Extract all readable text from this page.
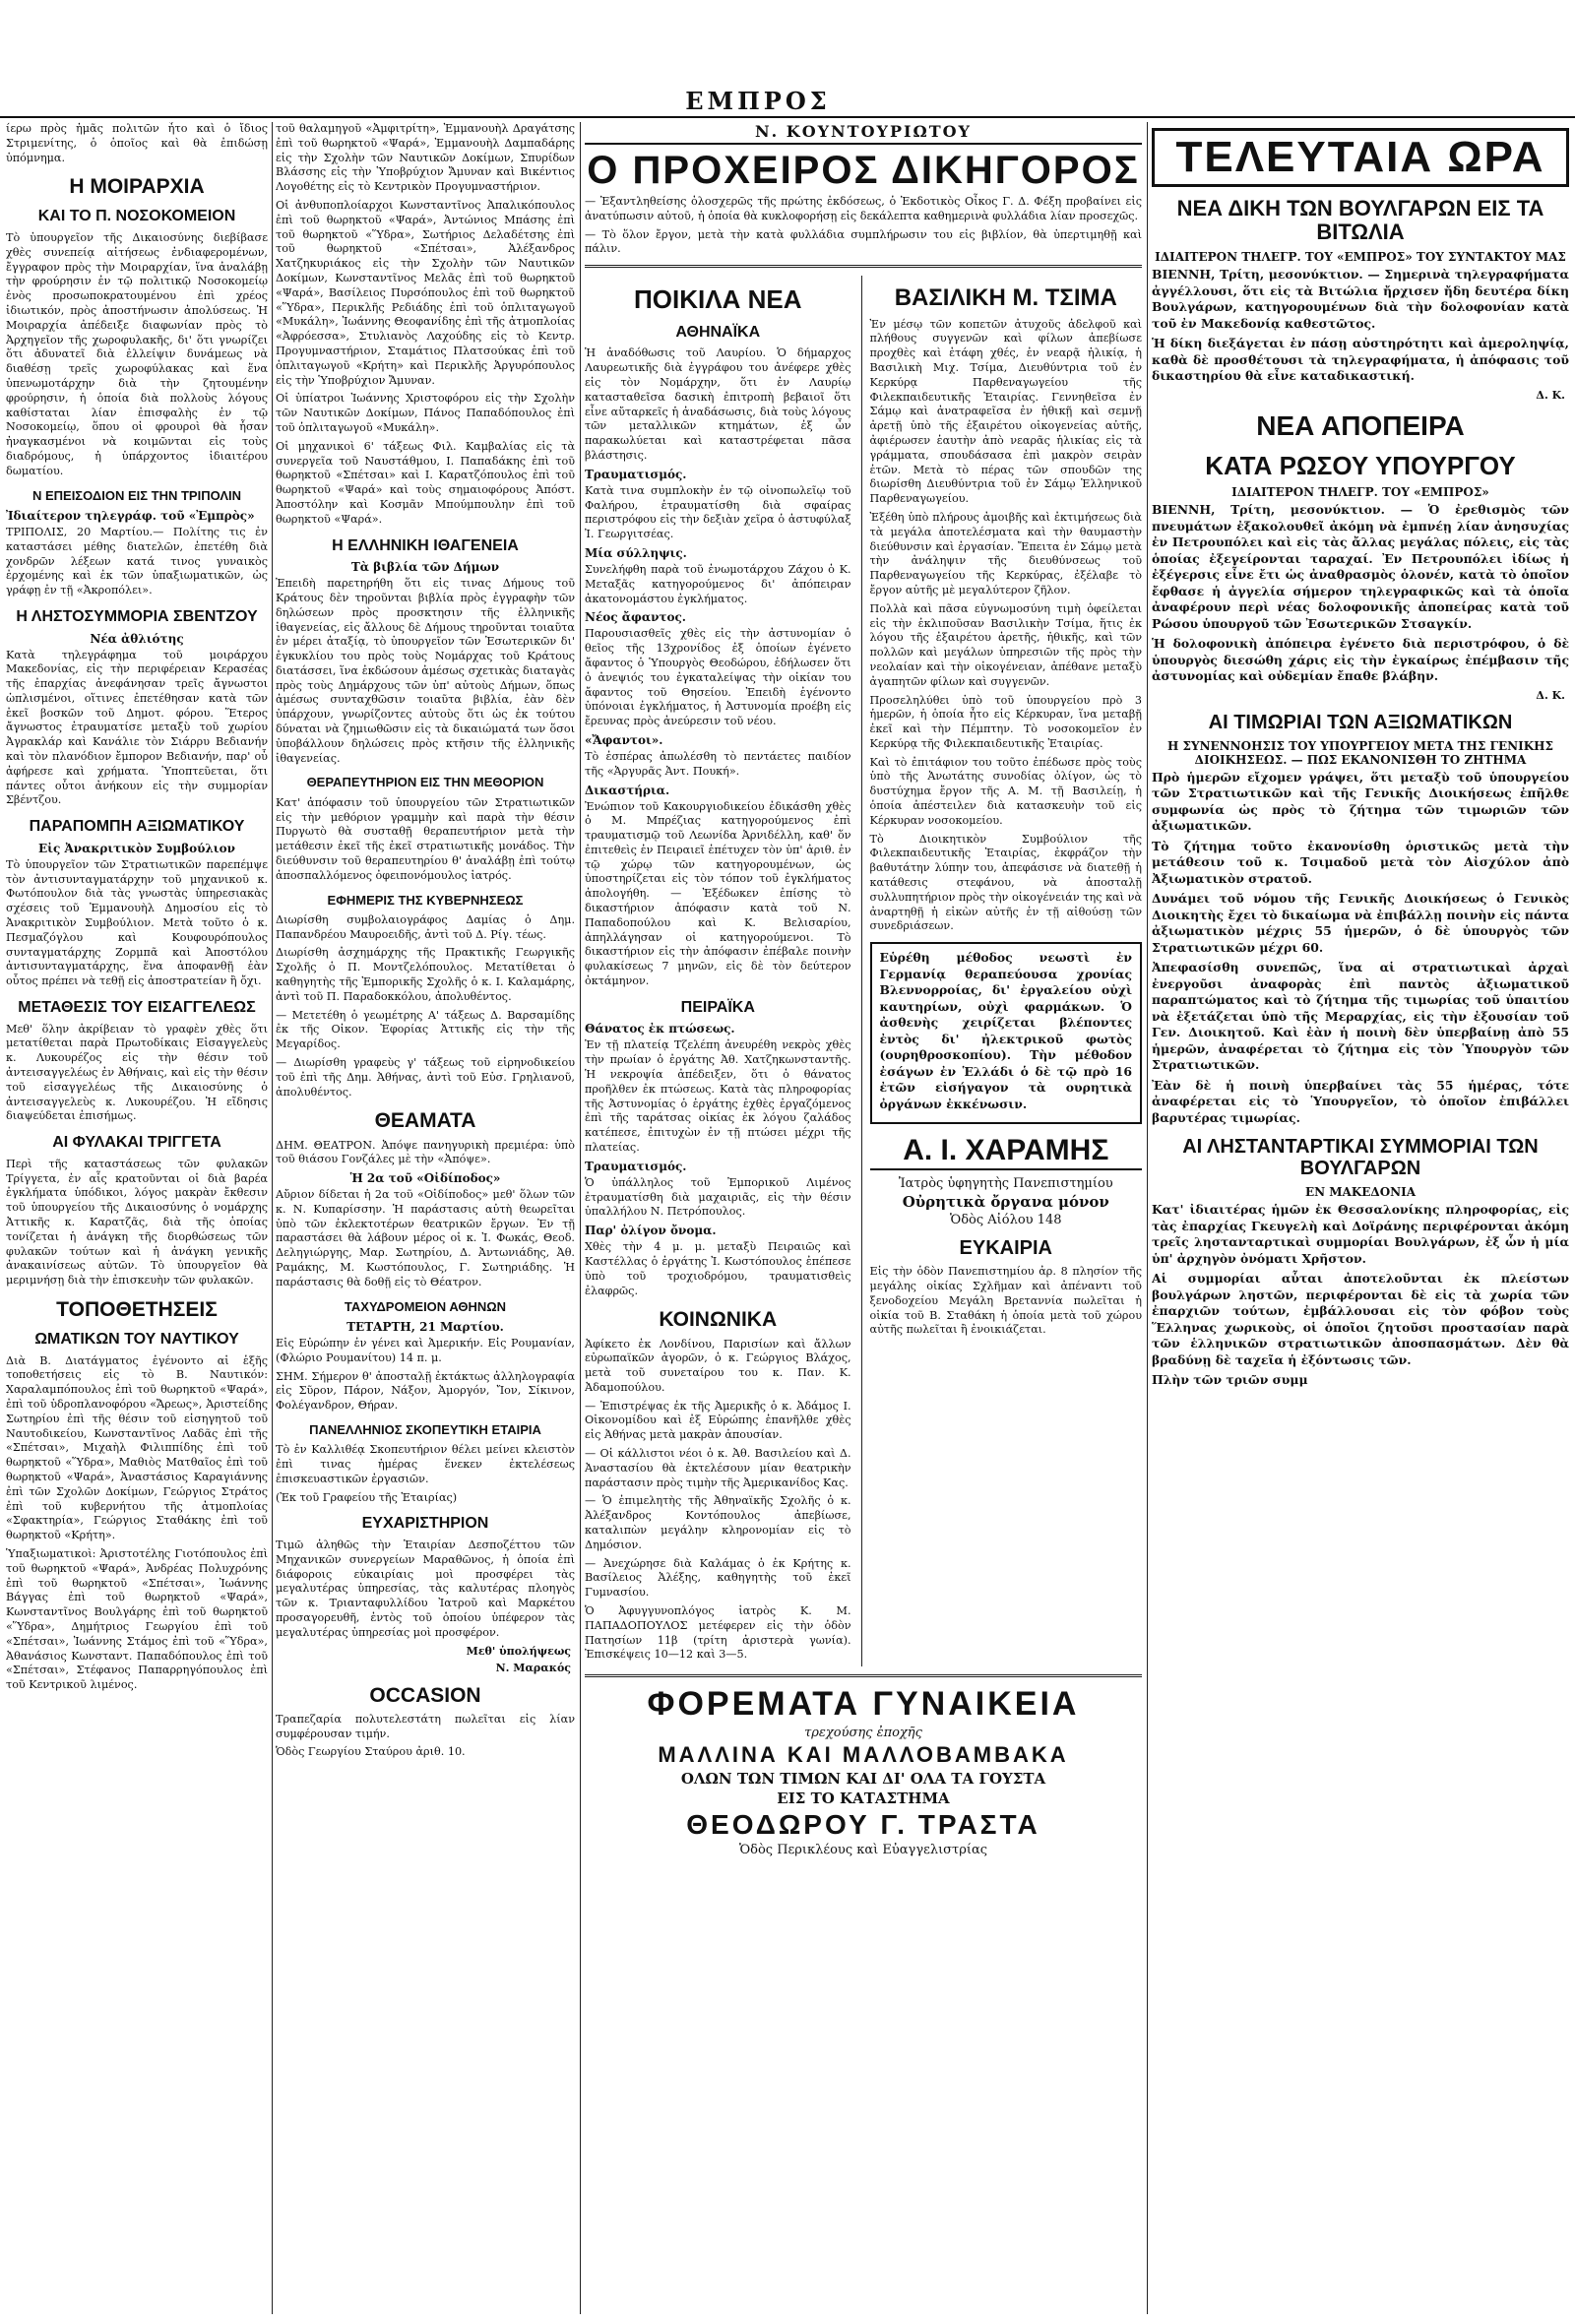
ΕΜΠΡΟΣ

ίερω πρὸς ἡμᾶς πολιτῶν ἦτο καὶ ὁ ἴδιος Στριμενίτης, ὁ ὁποῖος καὶ θὰ ἐπιδώσῃ ὑπόμνημα.

Η ΜΟΙΡΑΡΧΙΑ
ΚΑΙ ΤΟ Π. ΝΟΣΟΚΟΜΕΙΟΝ

Τὸ ὑπουργεῖον τῆς Δικαιοσύνης διεβίβασε χθὲς συνεπείᾳ αἰτήσεως ἐνδιαφερομένων, ἔγγραφον πρὸς τὴν Μοιραρχίαν, ἵνα ἀναλάβῃ τὴν φρούρησιν ἐν τῷ πολιτικῷ Νοσοκομείῳ ἑνὸς προσωποκρατουμένου ἐπὶ χρέος ἰδιωτικόν, πρὸς ἀποστήνωσιν ἀπολύσεως. Ἡ Μοιραρχία ἀπέδειξε διαφωνίαν πρὸς τὸ Ἀρχηγεῖον τῆς χωροφυλακῆς, δι' ὅτι γνωρίζει ὅτι ἀδυνατεῖ διὰ ἐλλείψιν δυνάμεως νὰ διαθέσῃ τρεῖς χωροφύλακας καὶ ἕνα ὑπενωμοτάρχην διὰ τὴν ζητουμένην φρούρησιν, ἡ ὁποία διὰ πολλοὺς λόγους καθίσταται λίαν ἐπισφαλὴς ἐν τῷ Νοσοκομείῳ, ὅπου οἱ φρουροὶ θὰ ἦσαν ἠναγκασμένοι νὰ κοιμῶνται εἰς τοὺς διαδρόμους, ἡ ὑπάρχοντος ἰδιαιτέρου δωματίου.

Ν ΕΠΕΙΣΟΔΙΟΝ ΕΙΣ ΤΗΝ ΤΡΙΠΟΛΙΝ
Ἰδιαίτερον τηλεγράφ. τοῦ «Ἐμπρὸς»

ΤΡΙΠΟΛΙΣ, 20 Μαρτίου.— Πολίτης τις ἐν καταστάσει μέθης διατελῶν, ἐπετέθη διὰ χονδρῶν λέξεων κατά τινος γυναικὸς ἐρχομένης καὶ ἐκ τῶν ὑπαξιωματικῶν, ὡς γράφῃ ἐν τῇ «Ἀκροπόλει».

Η ΛΗΣΤΟΣΥΜΜΟΡΙΑ ΣΒΕΝΤΖΟΥ
Νέα ἀθλιότης

Κατὰ τηλεγράφημα τοῦ μοιράρχου Μακεδονίας, εἰς τὴν περιφέρειαν Κερασέας τῆς ἐπαρχίας ἀνεφάνησαν τρεῖς ἄγνωστοι ὡπλισμένοι, οἵτινες ἐπετέθησαν κατὰ τῶν ἐκεῖ βοσκῶν τοῦ Δημοτ. φόρου. Ἕτερος ἄγνωστος ἐτραυματίσε μεταξὺ τοῦ χωρίου Ἀγρακλάρ καὶ Κανάλιε τὸν Σιάρρυ Βεδιανήν καὶ τὸν πλανόδιον ἔμπορον Βεδιανήν, παρ' οὗ ἀφήρεσε καὶ χρήματα. Ὑποπτεῦεται, ὅτι πάντες οὗτοι ἀνήκουν εἰς τὴν συμμορίαν Σβέντζου.

ΠΑΡΑΠΟΜΠΗ ΑΞΙΩΜΑΤΙΚΟΥ
Εἰς Ἀνακριτικὸν Συμβούλιον

Τὸ ὑπουργεῖον τῶν Στρατιωτικῶν παρεπέμψε τὸν ἀντισυνταγματάρχην τοῦ μηχανικοῦ κ. Φωτόπουλον διὰ τὰς γνωστὰς ὑπηρεσιακὰς σχέσεις τοῦ Ἐμμανουὴλ Δημοσίου εἰς τὸ Ἀνακριτικὸν Συμβούλιον. Μετὰ τοῦτο ὁ κ. Πεσμαζόγλου καὶ Κουφουρόπουλος συνταγματάρχης Ζορμπᾶ καὶ Ἀποστόλου ἀντισυνταγματάρχης, ἕνα ἀποφανθῇ ἐὰν οὗτος πρέπει νὰ τεθῇ εἰς ἀποστρατείαν ἢ ὄχι.

ΜΕΤΑΘΕΣΙΣ ΤΟΥ ΕΙΣΑΓΓΕΛΕΩΣ

Μεθ' ὅλην ἀκρίβειαν τὸ γραφὲν χθὲς ὅτι μετατίθεται παρὰ Πρωτοδίκαις Εἰσαγγελεὺς κ. Λυκουρέζος εἰς τὴν θέσιν τοῦ ἀντεισαγγελέως ἐν Ἀθήναις, καὶ εἰς τὴν θέσιν τοῦ εἰσαγγελέως τῆς Δικαιοσύνης ὁ ἀντεισαγγελεὺς κ. Λυκουρέζου. Ἡ εἴδησις διαψεύδεται ἐπισήμως.

ΑΙ ΦΥΛΑΚΑΙ ΤΡΙΓΓΕΤΑ

Περὶ τῆς καταστάσεως τῶν φυλακῶν Τρίγγετα, ἐν αἷς κρατοῦνται οἱ διὰ βαρέα ἐγκλήματα ὑπόδικοι, λόγος μακρὰν ἔκθεσιν τοῦ ὑπουργείου τῆς Δικαιοσύνης ὁ νομάρχης Ἀττικῆς κ. Καρατζᾶς, διὰ τῆς ὁποίας τονίζεται ἡ ἀνάγκη τῆς διορθώσεως τῶν φυλακῶν τούτων καὶ ἡ ἀνάγκη γενικῆς ἀνακαινίσεως αὐτῶν. Τὸ ὑπουργεῖον θὰ μεριμνήσῃ διὰ τὴν ἐπισκευὴν τῶν φυλακῶν.

ΤΟΠΟΘΕΤΗΣΕΙΣ
ΩΜΑΤΙΚΩΝ ΤΟΥ ΝΑΥΤΙΚΟΥ

Διὰ Β. Διατάγματος ἐγένοντο αἱ ἑξῆς τοποθετήσεις εἰς τὸ Β. Ναυτικόν: Χαραλαμπόπουλος ἐπὶ τοῦ θωρηκτοῦ «Ψαρά», ἐπὶ τοῦ ὑδροπλανοφόρου «Ἄρεως», Ἀριστείδης Σωτηρίου ἐπὶ τῆς θέσιν τοῦ εἰσηγητοῦ τοῦ Ναυτοδικείου, Κωνσταντῖνος Λαδᾶς ἐπὶ τῆς «Σπέτσαι», Μιχαὴλ Φιλιππίδης ἐπὶ τοῦ θωρηκτοῦ «Ὕδρα», Μαθιὸς Ματθαῖος ἐπὶ τοῦ θωρηκτοῦ «Ψαρά», Ἀναστάσιος Καραγιάννης ἐπὶ τῶν Σχολῶν Δοκίμων, Γεώργιος Στράτος ἐπὶ τοῦ κυβερνήτου τῆς ἀτμοπλοίας «Σφακτηρία», Γεώργιος Σταθάκης ἐπὶ τοῦ θωρηκτοῦ «Κρήτη».

Ὑπαξιωματικοὶ: Ἀριστοτέλης Γιοτόπουλος ἐπὶ τοῦ θωρηκτοῦ «Ψαρά», Ἀνδρέας Πολυχρόνης ἐπὶ τοῦ θωρηκτοῦ «Σπέτσαι», Ἰωάννης Βάγγας ἐπὶ τοῦ θωρηκτοῦ «Ψαρά», Κωνσταντῖνος Βουλγάρης ἐπὶ τοῦ θωρηκτοῦ «Ὕδρα», Δημήτριος Γεωργίου ἐπὶ τοῦ «Σπέτσαι», Ἰωάννης Στάμος ἐπὶ τοῦ «Ὕδρα», Ἀθανάσιος Κωνσταντ. Παπαδόπουλος ἐπὶ τοῦ «Σπέτσαι», Στέφανος Παπαρρηγόπουλος ἐπὶ τοῦ Κεντρικοῦ λιμένος.

τοῦ θαλαμηγοῦ «Ἀμφιτρίτη», Ἐμμανουὴλ Δραγάτσης ἐπὶ τοῦ θωρηκτοῦ «Ψαρά», Ἐμμανουὴλ Δαμπαδάρης εἰς τὴν Σχολὴν τῶν Ναυτικῶν Δοκίμων, Σπυρίδων Βλάσσης εἰς τὴν Ὑποβρύχιον Ἄμυναν καὶ Βικέντιος Λογοθέτης εἰς τὸ Κεντρικὸν Προγυμναστήριον.

Οἱ ἀνθυποπλοίαρχοι Κωνσταντῖνος Ἀπαλικόπουλος ἐπὶ τοῦ θωρηκτοῦ «Ψαρά», Ἀντώνιος Μπάσης ἐπὶ τοῦ θωρηκτοῦ «Ὕδρα», Σωτήριος Δελαδέτσης ἐπὶ τοῦ θωρηκτοῦ «Σπέτσαι», Ἀλέξανδρος Χατζηκυριάκος εἰς τὴν Σχολὴν τῶν Ναυτικῶν Δοκίμων, Κωνσταντῖνος Μελᾶς ἐπὶ τοῦ θωρηκτοῦ «Ψαρά», Βασίλειος Πυρσόπουλος ἐπὶ τοῦ θωρηκτοῦ «Ὕδρα», Περικλῆς Ρεδιάδης ἐπὶ τοῦ ὁπλιταγωγοῦ «Μυκάλη», Ἰωάννης Θεοφανίδης ἐπὶ τῆς ἀτμοπλοίας «Ἀφρόεσσα», Στυλιανὸς Λαχούδης εἰς τὸ Κεντρ. Προγυμναστήριον, Σταμάτιος Πλατσούκας ἐπὶ τοῦ ὁπλιταγωγοῦ «Κρήτη» καὶ Περικλῆς Ἀργυρόπουλος εἰς τὴν Ὑποβρύχιον Ἄμυναν.

Οἱ ὑπίατροι Ἰωάννης Χριστοφόρου εἰς τὴν Σχολὴν τῶν Ναυτικῶν Δοκίμων, Πάνος Παπαδόπουλος ἐπὶ τοῦ ὁπλιταγωγοῦ «Μυκάλη».

Οἱ μηχανικοὶ 6' τάξεως Φιλ. Καμβαλίας εἰς τὰ συνεργεῖα τοῦ Ναυστάθμου, Ι. Παπαδάκης ἐπὶ τοῦ θωρηκτοῦ «Σπέτσαι» καὶ Ι. Καρατζόπουλος ἐπὶ τοῦ θωρηκτοῦ «Ψαρά» καὶ τοὺς σημαιοφόρους Ἀπόστ. Ἀποστόλην καὶ Κοσμᾶν Μπούμπουλην ἐπὶ τοῦ θωρηκτοῦ «Ψαρά».

Η ΕΛΛΗΝΙΚΗ ΙΘΑΓΕΝΕΙΑ
Τὰ βιβλία τῶν Δήμων

Ἐπειδὴ παρετηρήθη ὅτι εἰς τινας Δήμους τοῦ Κράτους δὲν τηροῦνται βιβλία πρὸς ἐγγραφὴν τῶν δηλώσεων πρὸς προσκτησιν τῆς ἑλληνικῆς ἰθαγενείας, εἰς ἄλλους δὲ Δήμους τηροῦνται τοιαῦτα ἐν μέρει ἀταξίᾳ, τὸ ὑπουργεῖον τῶν Ἐσωτερικῶν δι' ἐγκυκλίου του πρὸς τοὺς Νομάρχας τοῦ Κράτους διατάσσει, ἵνα ἐκδώσουν ἀμέσως σχετικὰς διαταγὰς πρὸς τοὺς Δημάρχους τῶν ὑπ' αὐτοὺς Δήμων, ὅπως ἀμέσως συνταχθῶσιν τοιαῦτα βιβλία, ἐὰν δὲν ὑπάρχουν, γνωρίζοντες αὐτοὺς ὅτι ὡς ἐκ τούτου δύναται νὰ ζημιωθῶσιν εἰς τὰ δικαιώματά των ὅσοι ὑποβάλλουν δηλώσεις πρὸς κτῆσιν τῆς ἑλληνικῆς ἰθαγενείας.

ΘΕΡΑΠΕΥΤΗΡΙΟΝ ΕΙΣ ΤΗΝ ΜΕΘΟΡΙΟΝ

Κατ' ἀπόφασιν τοῦ ὑπουργείου τῶν Στρατιωτικῶν εἰς τὴν μεθόριον γραμμὴν καὶ παρὰ τὴν θέσιν Πυργωτὸ θὰ συσταθῇ θεραπευτήριον μετὰ τὴν μετάθεσιν ἐκεῖ τῆς ἐκεῖ στρατιωτικῆς μονάδος. Τὴν διεύθυνσιν τοῦ θεραπευτηρίου θ' ἀναλάβῃ ἐπὶ τούτῳ ἀποσπαλλόμενος ὀφειπονόμουλος ἰατρός.

ΕΦΗΜΕΡΙΣ ΤΗΣ ΚΥΒΕΡΝΗΣΕΩΣ

Διωρίσθη συμβολαιογράφος Δαμίας ὁ Δημ. Παπανδρέου Μαυροειδῆς, ἀντὶ τοῦ Δ. Ρίγ. τέως.

Διωρίσθη ἀσχημάρχης τῆς Πρακτικῆς Γεωργικῆς Σχολῆς ὁ Π. Μοντζελόπουλος. Μετατίθεται ὁ καθηγητὴς τῆς Ἐμπορικῆς Σχολῆς ὁ κ. Ι. Καλαμάρης, ἀντὶ τοῦ Π. Παραδοκκόλου, ἀπολυθέντος.

— Μετετέθη ὁ γεωμέτρης Α' τάξεως Δ. Βαρσαμίδης ἐκ τῆς Οἰκον. Ἐφορίας Ἀττικῆς εἰς τὴν τῆς Μεγαρίδος.

— Διωρίσθη γραφεὺς γ' τάξεως τοῦ εἰρηνοδικείου τοῦ ἐπὶ τῆς Δημ. Ἀθήνας, ἀντὶ τοῦ Εὐσ. Γρηλιανοῦ, ἀπολυθέντος.

ΘΕΑΜΑΤΑ

ΔΗΜ. ΘΕΑΤΡΟΝ. Ἀπόψε πανηγυρικὴ πρεμιέρα: ὑπὸ τοῦ θιάσου Γονζάλες μὲ τὴν «Ἀπόψε».

Ἡ 2α τοῦ «Οἰδίποδος»

Αὔριον δίδεται ἡ 2α τοῦ «Οἰδίποδος» μεθ' ὅλων τῶν κ. Ν. Κυπαρίσσην. Ἡ παράστασις αὐτὴ θεωρεῖται ὑπὸ τῶν ἐκλεκτοτέρων θεατρικῶν ἔργων. Ἐν τῇ παραστάσει θὰ λάβουν μέρος οἱ κ. Ἰ. Φωκάς, Θεοδ. Δεληγιώργης, Μαρ. Σωτηρίου, Δ. Ἀντωνιάδης, Ἀθ. Ραμάκης, Μ. Κωστόπουλος, Γ. Σωτηριάδης. Ἡ παράστασις θὰ δοθῇ εἰς τὸ Θέατρον.

ΤΑΧΥΔΡΟΜΕΙΟΝ ΑΘΗΝΩΝ
ΤΕΤΑΡΤΗ, 21 Μαρτίου.

Εἰς Εὐρώπην ἐν γένει καὶ Ἀμερικήν. Εἰς Ρουμανίαν, (Φλώριο Ρουμανίτου) 14 π. μ.

ΣΗΜ. Σήμερον θ' ἀποσταλῇ ἐκτάκτως ἀλληλογραφία εἰς Σῦρον, Πάρον, Νάξον, Ἀμοργόν, Ἴον, Σίκινον, Φολέγανδρον, Θήραν.

ΠΑΝΕΛΛΗΝΙΟΣ ΣΚΟΠΕΥΤΙΚΗ ΕΤΑΙΡΙΑ

Τὸ ἐν Καλλιθέᾳ Σκοπευτήριον θέλει μείνει κλειστὸν ἐπὶ τινας ἡμέρας ἕνεκεν ἐκτελέσεως ἐπισκευαστικῶν ἐργασιῶν.

(Ἐκ τοῦ Γραφείου τῆς Ἑταιρίας)

ΕΥΧΑΡΙΣΤΗΡΙΟΝ

Τιμῶ ἀληθῶς τὴν Ἑταιρίαν Δεσποζέττου τῶν Μηχανικῶν συνεργείων Μαραθῶνος, ἡ ὁποία ἐπὶ διάφοροις εὐκαιρίαις μοὶ προσφέρει τὰς μεγαλυτέρας ὑπηρεσίας, τὰς καλυτέρας πλοηγὸς τῶν κ. Τριανταφυλλίδου Ἰατροῦ καὶ Μαρκέτου προσαγορευθῆ, ἐντὸς τοῦ ὁποίου ὑπέφερον τὰς μεγαλυτέρας ὑπηρεσίας μοὶ προσφέρον.

Μεθ' ὑπολήψεως
Ν. Μαρακός
OCCASION

Τραπεζαρία πολυτελεστάτη πωλεῖται εἰς λίαν συμφέρουσαν τιμήν.

Ὁδὸς Γεωργίου Σταύρου ἀριθ. 10.

Ν. ΚΟΥΝΤΟΥΡΙΩΤΟΥ
Ο ΠΡΟΧΕΙΡΟΣ ΔΙΚΗΓΟΡΟΣ

— Ἐξαντληθείσης ὁλοσχερῶς τῆς πρώτης ἐκδόσεως, ὁ Ἐκδοτικὸς Οἶκος Γ. Δ. Φέξη προβαίνει εἰς ἀνατύπωσιν αὐτοῦ, ἡ ὁποία θὰ κυκλοφορήσῃ εἰς δεκάλεπτα καθημερινὰ φυλλάδια λίαν προσεχῶς.

— Τὸ ὅλον ἔργον, μετὰ τὴν κατὰ φυλλάδια συμπλήρωσιν του εἰς βιβλίον, θὰ ὑπερτιμηθῇ καὶ πάλιν.

ΠΟΙΚΙΛΑ ΝΕΑ
ΑΘΗΝΑΪΚΑ

Ἡ ἀναδόθωσις τοῦ Λαυρίου. Ὁ δήμαρχος Λαυρεωτικῆς διὰ ἐγγράφου του ἀνέφερε χθὲς εἰς τὸν Νομάρχην, ὅτι ἐν Λαυρίῳ κατασταθεῖσα δασικὴ ἐπιτροπὴ βεβαιοῖ ὅτι εἶνε αὔταρκεῖς ἡ ἀναδάσωσις, διὰ τοὺς λόγους τῶν μεταλλικῶν κτημάτων, ἐξ ὧν παρακωλύεται καὶ καταστρέφεται πᾶσα βλάστησις.

Τραυματισμός.

Κατὰ τινα συμπλοκὴν ἐν τῷ οἰνοπωλεῖῳ τοῦ Φαλήρου, ἐτραυματίσθη διὰ σφαίρας περιστρόφου εἰς τὴν δεξιὰν χεῖρα ὁ ἀστυφύλαξ Ἰ. Γεωργιτσέας.

Μία σύλληψις.

Συνελήφθη παρὰ τοῦ ἐνωμοτάρχου Ζάχου ὁ Κ. Μεταξᾶς κατηγορούμενος δι' ἀπόπειραν ἀκατονομάστου ἐγκλήματος.

Νέος ἄφαντος.

Παρουσιασθεῖς χθὲς εἰς τὴν ἀστυνομίαν ὁ θεῖος τῆς 13χρονίδος ἐξ ὁποίων ἐγένετο ἄφαντος ὁ Ὑπουργὸς Θεοδώρου, ἐδήλωσεν ὅτι ὁ ἀνεψιός του ἐγκαταλείψας τὴν οἰκίαν του ἄφαντος τοῦ Θησείου. Ἐπειδὴ ἐγένοντο ὑπόνοιαι ἐγκλήματος, ἡ Ἀστυνομία προέβη εἰς ἔρευνας πρὸς ἀνεύρεσιν τοῦ νέου.

«Ἄφαντοι».

Τὸ ἐσπέρας ἀπωλέσθη τὸ πεντάετες παιδίον τῆς «Ἀργυρᾶς Ἀντ. Πουκή».

Δικαστήρια.

Ἐνώπιον τοῦ Κακουργιοδικείου ἐδικάσθη χθὲς ὁ Μ. Μπρέζιας κατηγορούμενος ἐπὶ τραυματισμῷ τοῦ Λεωνίδα Ἀρνιδέλλη, καθ' ὅν ἐπιτεθεὶς ἐν Πειραιεῖ ἐπέτυχεν τὸν ὑπ' ἀριθ. ἐν τῷ χώρῳ τῶν κατηγορουμένων, ὡς ὑποστηρίζεται εἰς τὸν τόπον τοῦ ἐγκλήματος ἀπολογήθη. — Ἐξέδωκεν ἐπίσης τὸ δικαστήριον ἀπόφασιν κατὰ τοῦ Ν. Παπαδοπούλου καὶ Κ. Βελισαρίου, ἀπηλλάγησαν οἱ κατηγορούμενοι. Τὸ δικαστήριον εἰς τὴν ἀπόφασιν ἐπέβαλε ποινὴν φυλακίσεως 7 μηνῶν, εἰς δὲ τὸν δεύτερον ὀκτάμηνον.

ΠΕΙΡΑΪΚΑ
Θάνατος ἐκ πτώσεως.

Ἐν τῇ πλατείᾳ Τζελέπη ἀνευρέθη νεκρὸς χθὲς τὴν πρωίαν ὁ ἐργάτης Ἀθ. Χατζηκωνσταντῆς. Ἡ νεκροψία ἀπέδειξεν, ὅτι ὁ θάνατος προῆλθεν ἐκ πτώσεως. Κατὰ τὰς πληροφορίας τῆς Ἀστυνομίας ὁ ἐργάτης ἐχθὲς ἐργαζόμενος ἐπὶ τῆς ταράτσας οἰκίας ἐκ λόγου ζαλάδος κατέπεσε, ἐπιτυχὼν ἐν τῇ πτώσει μέχρι τῆς πλατείας.

Τραυματισμός.

Ὁ ὑπάλληλος τοῦ Ἐμπορικοῦ Λιμένος ἐτραυματίσθη διὰ μαχαιριᾶς, εἰς τὴν θέσιν ὑπαλλήλου Ν. Πετρόπουλος.

Παρ' ὀλίγον ὄνομα.

Χθὲς τὴν 4 μ. μ. μεταξὺ Πειραιῶς καὶ Καστέλλας ὁ ἐργάτης Ἰ. Κωστόπουλος ἐπέπεσε ὑπὸ τοῦ τροχιοδρόμου, τραυματισθεὶς ἐλαφρῶς.

ΚΟΙΝΩΝΙΚΑ

Ἀφίκετο ἐκ Λονδίνου, Παρισίων καὶ ἄλλων εὐρωπαϊκῶν ἀγορῶν, ὁ κ. Γεώργιος Βλάχος, μετὰ τοῦ συνεταίρου του κ. Παν. Κ. Ἀδαμοπούλου.

— Ἐπιστρέψας ἐκ τῆς Ἀμερικῆς ὁ κ. Ἀδάμος Ι. Οἰκονομίδου καὶ ἐξ Εὐρώπης ἐπανῆλθε χθὲς εἰς Ἀθήνας μετὰ μακρὰν ἀπουσίαν.

— Οἱ κάλλιστοι νέοι ὁ κ. Ἀθ. Βασιλείου καὶ Δ. Ἀναστασίου θὰ ἐκτελέσουν μίαν θεατρικὴν παράστασιν πρὸς τιμὴν τῆς Ἀμερικανίδος Κας.

— Ὁ ἐπιμελητὴς τῆς Ἀθηναϊκῆς Σχολῆς ὁ κ. Ἀλέξανδρος Κοντόπουλος ἀπεβίωσε, καταλιπὼν μεγάλην κληρονομίαν εἰς τὸ Δημόσιον.

— Ἀνεχώρησε διὰ Καλάμας ὁ ἐκ Κρήτης κ. Βασίλειος Ἀλέξης, καθηγητὴς τοῦ ἐκεῖ Γυμνασίου.

Ὁ Ἀφυγγυνοπλόγος ἰατρὸς Κ. Μ. ΠΑΠΑΔΟΠΟΥΛΟΣ μετέφερεν εἰς τὴν ὁδὸν Πατησίων 11β (τρίτη ἀριστερὰ γωνία). Ἐπισκέψεις 10—12 καὶ 3—5.

ΒΑΣΙΛΙΚΗ Μ. ΤΣΙΜΑ

Ἐν μέσῳ τῶν κοπετῶν ἀτυχοῦς ἀδελφοῦ καὶ πλήθους συγγενῶν καὶ φίλων ἀπεβίωσε προχθὲς καὶ ἐτάφη χθές, ἐν νεαρᾷ ἡλικίᾳ, ἡ Βασιλικὴ Μιχ. Τσίμα, Διευθύντρια τοῦ ἐν Κερκύρᾳ Παρθεναγωγείου τῆς Φιλεκπαιδευτικῆς Ἑταιρίας. Γεννηθεῖσα ἐν Σάμῳ καὶ ἀνατραφεῖσα ἐν ἠθικῇ καὶ σεμνῇ ἀρετῇ ὑπὸ τῆς ἐξαιρέτου οἰκογενείας αὐτῆς, ἀφιέρωσεν ἑαυτὴν ἀπὸ νεαρᾶς ἡλικίας εἰς τὰ γράμματα, σπουδάσασα ἐπὶ μακρὸν σειρὰν ἐτῶν. Μετὰ τὸ πέρας τῶν σπουδῶν της διωρίσθη Διευθύντρια τοῦ ἐν Σάμῳ Ἑλληνικοῦ Παρθεναγωγείου.

Ἐξέθη ὑπὸ πλήρους ἀμοιβῆς καὶ ἐκτιμήσεως διὰ τὰ μεγάλα ἀποτελέσματα καὶ τὴν θαυμαστὴν διεύθυνσιν καὶ ἐργασίαν. Ἔπειτα ἐν Σάμῳ μετὰ τὴν ἀνάληψιν τῆς διευθύνσεως τοῦ Παρθεναγωγείου τῆς Κερκύρας, ἐξέλαβε τὸ ἔργον αὐτῆς μὲ μεγαλύτερον ζῆλον.

Πολλὰ καὶ πᾶσα εὐγνωμοσύνη τιμὴ ὀφείλεται εἰς τὴν ἐκλιποῦσαν Βασιλικὴν Τσίμα, ἥτις ἐκ λόγου τῆς ἐξαιρέτου ἀρετῆς, ἠθικῆς, καὶ τῶν πολλῶν καὶ μεγάλων ὑπηρεσιῶν τῆς πρὸς τὴν νεολαίαν καὶ τὴν οἰκογένειαν, ἀπέθανε μεταξὺ ἀγαπητῶν φίλων καὶ συγγενῶν.

Προσεληλύθει ὑπὸ τοῦ ὑπουργείου πρὸ 3 ἡμερῶν, ἡ ὁποία ἦτο εἰς Κέρκυραν, ἵνα μεταβῇ ἐκεῖ καὶ τὴν Πέμπτην. Τὸ νοσοκομεῖον ἐν Κερκύρᾳ τῆς Φιλεκπαιδευτικῆς Ἑταιρίας.

Καὶ τὸ ἐπιτάφιον του τοῦτο ἐπέδωσε πρὸς τοὺς ὑπὸ τῆς Ἀνωτάτης συνοδίας ὀλίγον, ὡς τὸ δυστύχημα ἔργον τῆς Α. Μ. τῇ Βασιλείῃ, ἡ ὁποία ἀπέστειλεν διὰ κατασκευὴν τοῦ εἰς Κέρκυραν νοσοκομείου.

Τὸ Διοικητικὸν Συμβούλιον τῆς Φιλεκπαιδευτικῆς Ἑταιρίας, ἐκφράζον τὴν βαθυτάτην λύπην του, ἀπεφάσισε νὰ διατεθῇ ἡ κατάθεσις στεφάνου, νὰ ἀποσταλῇ συλλυπητήριον πρὸς τὴν οἰκογένειάν της καὶ νὰ ἀναρτηθῇ ἡ εἰκὼν αὐτῆς ἐν τῇ αἰθούσῃ τῶν συνεδριάσεων.

Εὑρέθη μέθοδος νεωστὶ ἐν Γερμανίᾳ θεραπεύουσα χρονίας Βλεννορροίας, δι' ἐργαλείου οὐχὶ καυτηρίων, οὐχὶ φαρμάκων. Ὁ ἀσθενὴς χειρίζεται βλέποντες ἐντὸς δι' ἠλεκτρικοῦ φωτὸς (ουρηθροσκοπίου). Τὴν μέθοδον ἐσάγων ἐν Ἑλλάδι ὁ δὲ τῷ πρὸ 16 ἐτῶν εἰσήγαγον τὰ ουρητικὰ ὀργάνων ἐκκένωσιν.

Α. Ι. ΧΑΡΑΜΗΣ
Ἰατρὸς ὑφηγητὴς Πανεπιστημίου
Οὐρητικὰ ὄργανα μόνον
Ὁδὸς Αἰόλου 148
ΕΥΚΑΙΡΙΑ

Εἰς τὴν ὁδὸν Πανεπιστημίου ἀρ. 8 πλησίον τῆς μεγάλης οἰκίας Σχλῆμαν καὶ ἀπέναντι τοῦ ξενοδοχείου Μεγάλη Βρεταννία πωλεῖται ἡ οἰκία τοῦ Β. Σταθάκη ἡ ὁποία μετὰ τοῦ χώρου αὐτῆς πωλεῖται ἢ ἐνοικιάζεται.

ΦΟΡΕΜΑΤΑ ΓΥΝΑΙΚΕΙΑ
τρεχούσης ἐποχῆς
ΜΑΛΛΙΝΑ ΚΑΙ ΜΑΛΛΟΒΑΜΒΑΚΑ
ΟΛΩΝ ΤΩΝ ΤΙΜΩΝ ΚΑΙ ΔΙ' ΟΛΑ ΤΑ ΓΟΥΣΤΑ
ΕΙΣ ΤΟ ΚΑΤΑΣΤΗΜΑ
ΘΕΟΔΩΡΟΥ Γ. ΤΡΑΣΤΑ
Ὁδὸς Περικλέους καὶ Εὐαγγελιστρίας
ΤΕΛΕΥΤΑΙΑ ΩΡΑ
ΝΕΑ ΔΙΚΗ ΤΩΝ ΒΟΥΛΓΑΡΩΝ ΕΙΣ ΤΑ ΒΙΤΩΛΙΑ
ΙΔΙΑΙΤΕΡΟΝ ΤΗΛΕΓΡ. ΤΟΥ «ΕΜΠΡΟΣ» ΤΟΥ ΣΥΝΤΑΚΤΟΥ ΜΑΣ

ΒΙΕΝΝΗ, Τρίτη, μεσονύκτιον. — Σημερινὰ τηλεγραφήματα ἀγγέλλουσι, ὅτι εἰς τὰ Βιτώλια ἤρχισεν ἤδη δευτέρα δίκη Βουλγάρων, κατηγορουμένων διὰ τὴν δολοφονίαν κατὰ τοῦ ἐν Μακεδονίᾳ καθεστῶτος.

Ἡ δίκη διεξάγεται ἐν πάσῃ αὐστηρότητι καὶ ἀμεροληψίᾳ, καθὰ δὲ προσθέτουσι τὰ τηλεγραφήματα, ἡ ἀπόφασις τοῦ δικαστηρίου θὰ εἶνε καταδικαστική.

Δ. Κ.
ΝΕΑ ΑΠΟΠΕΙΡΑ
ΚΑΤΑ ΡΩΣΟΥ ΥΠΟΥΡΓΟΥ
ΙΔΙΑΙΤΕΡΟΝ ΤΗΛΕΓΡ. ΤΟΥ «ΕΜΠΡΟΣ»

ΒΙΕΝΝΗ, Τρίτη, μεσονύκτιον. — Ὁ ἐρεθισμὸς τῶν πνευμάτων ἐξακολουθεῖ ἀκόμη νὰ ἐμπνέῃ λίαν ἀνησυχίας ἐν Πετρουπόλει καὶ εἰς τὰς ἄλλας μεγάλας πόλεις, εἰς τὰς ὁποίας ἐξεγείρονται ταραχαί. Ἐν Πετρουπόλει ἰδίως ἡ ἐξέγερσις εἶνε ἔτι ὡς ἀναθρασμὸς ὁλονέν, κατὰ τὸ ὁποῖον ἔφθασε ἡ ἀγγελία σήμερον τηλεγραφικῶς καὶ τὰ ὁποῖα ἀναφέρουν περὶ νέας δολοφονικῆς ἀποπείρας κατὰ τοῦ Ρώσου ὑπουργοῦ τῶν Ἐσωτερικῶν Στσαγκίν.

Ἡ δολοφονικὴ ἀπόπειρα ἐγένετο διὰ περιστρόφου, ὁ δὲ ὑπουργὸς διεσώθη χάρις εἰς τὴν ἐγκαίρως ἐπέμβασιν τῆς ἀστυνομίας καὶ οὐδεμίαν ἔπαθε βλάβην.

Δ. Κ.
ΑΙ ΤΙΜΩΡΙΑΙ ΤΩΝ ΑΞΙΩΜΑΤΙΚΩΝ
Η ΣΥΝΕΝΝΟΗΣΙΣ ΤΟΥ ΥΠΟΥΡΓΕΙΟΥ ΜΕΤΑ ΤΗΣ ΓΕΝΙΚΗΣ ΔΙΟΙΚΗΣΕΩΣ. — ΠΩΣ ΕΚΑΝΟΝΙΣΘΗ ΤΟ ΖΗΤΗΜΑ

Πρὸ ἡμερῶν εἴχομεν γράψει, ὅτι μεταξὺ τοῦ ὑπουργείου τῶν Στρατιωτικῶν καὶ τῆς Γενικῆς Διοικήσεως ἐπῆλθε συμφωνία ὡς πρὸς τὸ ζήτημα τῶν τιμωριῶν τῶν ἀξιωματικῶν.

Τὸ ζήτημα τοῦτο ἐκανονίσθη ὁριστικῶς μετὰ τὴν μετάθεσιν τοῦ κ. Τσιμαδοῦ μετὰ τὸν Αἰσχύλον ἀπὸ Ἀξιωματικὸν στρατοῦ.

Δυνάμει τοῦ νόμου τῆς Γενικῆς Διοικήσεως ὁ Γενικὸς Διοικητὴς ἔχει τὸ δικαίωμα νὰ ἐπιβάλλῃ ποινὴν εἰς πάντα ἀξιωματικὸν μέχρις 55 ἡμερῶν, ὁ δὲ ὑπουργὸς τῶν Στρατιωτικῶν μέχρι 60.

Ἀπεφασίσθη συνεπῶς, ἵνα αἱ στρατιωτικαὶ ἀρχαὶ ἐνεργοῦσι ἀναφορὰς ἐπὶ παντὸς ἀξιωματικοῦ παραπτώματος καὶ τὸ ζήτημα τῆς τιμωρίας τοῦ ὑπαιτίου νὰ ἐξετάζεται ὑπὸ τῆς Μεραρχίας, εἰς τὴν ἐξουσίαν τοῦ Γεν. Διοικητοῦ. Καὶ ἐὰν ἡ ποινὴ δὲν ὑπερβαίνῃ ἀπὸ 55 ἡμερῶν, ἀναφέρεται τὸ ζήτημα εἰς τὸν Ὑπουργὸν τῶν Στρατιωτικῶν.

Ἐὰν δὲ ἡ ποινὴ ὑπερβαίνει τὰς 55 ἡμέρας, τότε ἀναφέρεται εἰς τὸ Ὑπουργεῖον, τὸ ὁποῖον ἐπιβάλλει βαρυτέρας τιμωρίας.

ΑΙ ΛΗΣΤΑΝΤΑΡΤΙΚΑΙ ΣΥΜΜΟΡΙΑΙ ΤΩΝ ΒΟΥΛΓΑΡΩΝ
ΕΝ ΜΑΚΕΔΟΝΙΑ

Κατ' ἰδιαιτέρας ἡμῶν ἐκ Θεσσαλονίκης πληροφορίας, εἰς τὰς ἐπαρχίας Γκευγελὴ καὶ Δοϊράνης περιφέρονται ἀκόμη τρεῖς ληστανταρτικαὶ συμμορίαι Βουλγάρων, ἐξ ὧν ἡ μία ὑπ' ἀρχηγὸν ὀνόματι Χρῆστον.

Αἱ συμμορίαι αὗται ἀποτελοῦνται ἐκ πλείστων βουλγάρων ληστῶν, περιφέρονται δὲ εἰς τὰ χωρία τῶν ἐπαρχιῶν τούτων, ἐμβάλλουσαι εἰς τὸν φόβον τοὺς Ἕλληνας χωρικοὺς, οἱ ὁποῖοι ζητοῦσι προστασίαν παρὰ τῶν ἑλληνικῶν στρατιωτικῶν ἀποσπασμάτων. Δὲν θὰ βραδύνῃ δὲ ταχεῖα ἡ ἐξόντωσις τῶν.

Πλὴν τῶν τριῶν συμμ
